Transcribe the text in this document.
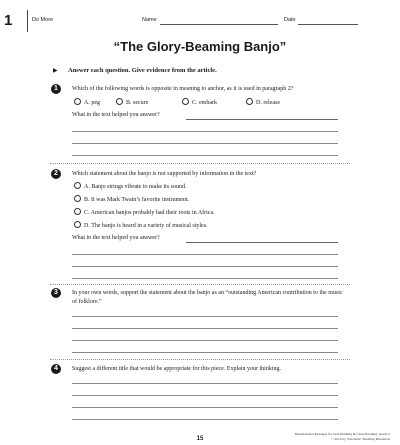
1	Do More	Name	Date
“The Glory-Beaming Banjo”
▶ Answer each question. Give evidence from the article.
1	Which of the following words is opposite in meaning to anchor, as it is used in paragraph 2?
A. peg	B. secure	C. embark	D. release
What in the text helped you answer?
2	Which statement about the banjo is not supported by information in the text?
A. Banjo strings vibrate to make its sound.
B. It was Mark Twain’s favorite instrument.
C. American banjos probably had their roots in Africa.
D. The banjo is heard in a variety of musical styles.
What in the text helped you answer?
3	In your own words, support the statement about the banjo as an “outstanding American contribution to the music of folklore.”
4	Suggest a different title that would be appropriate for this piece. Explain your thinking.
15
Informational Passages for Text Marking & Close Reading: Grade 5
© 2014 by Scholastic Teaching Resources
